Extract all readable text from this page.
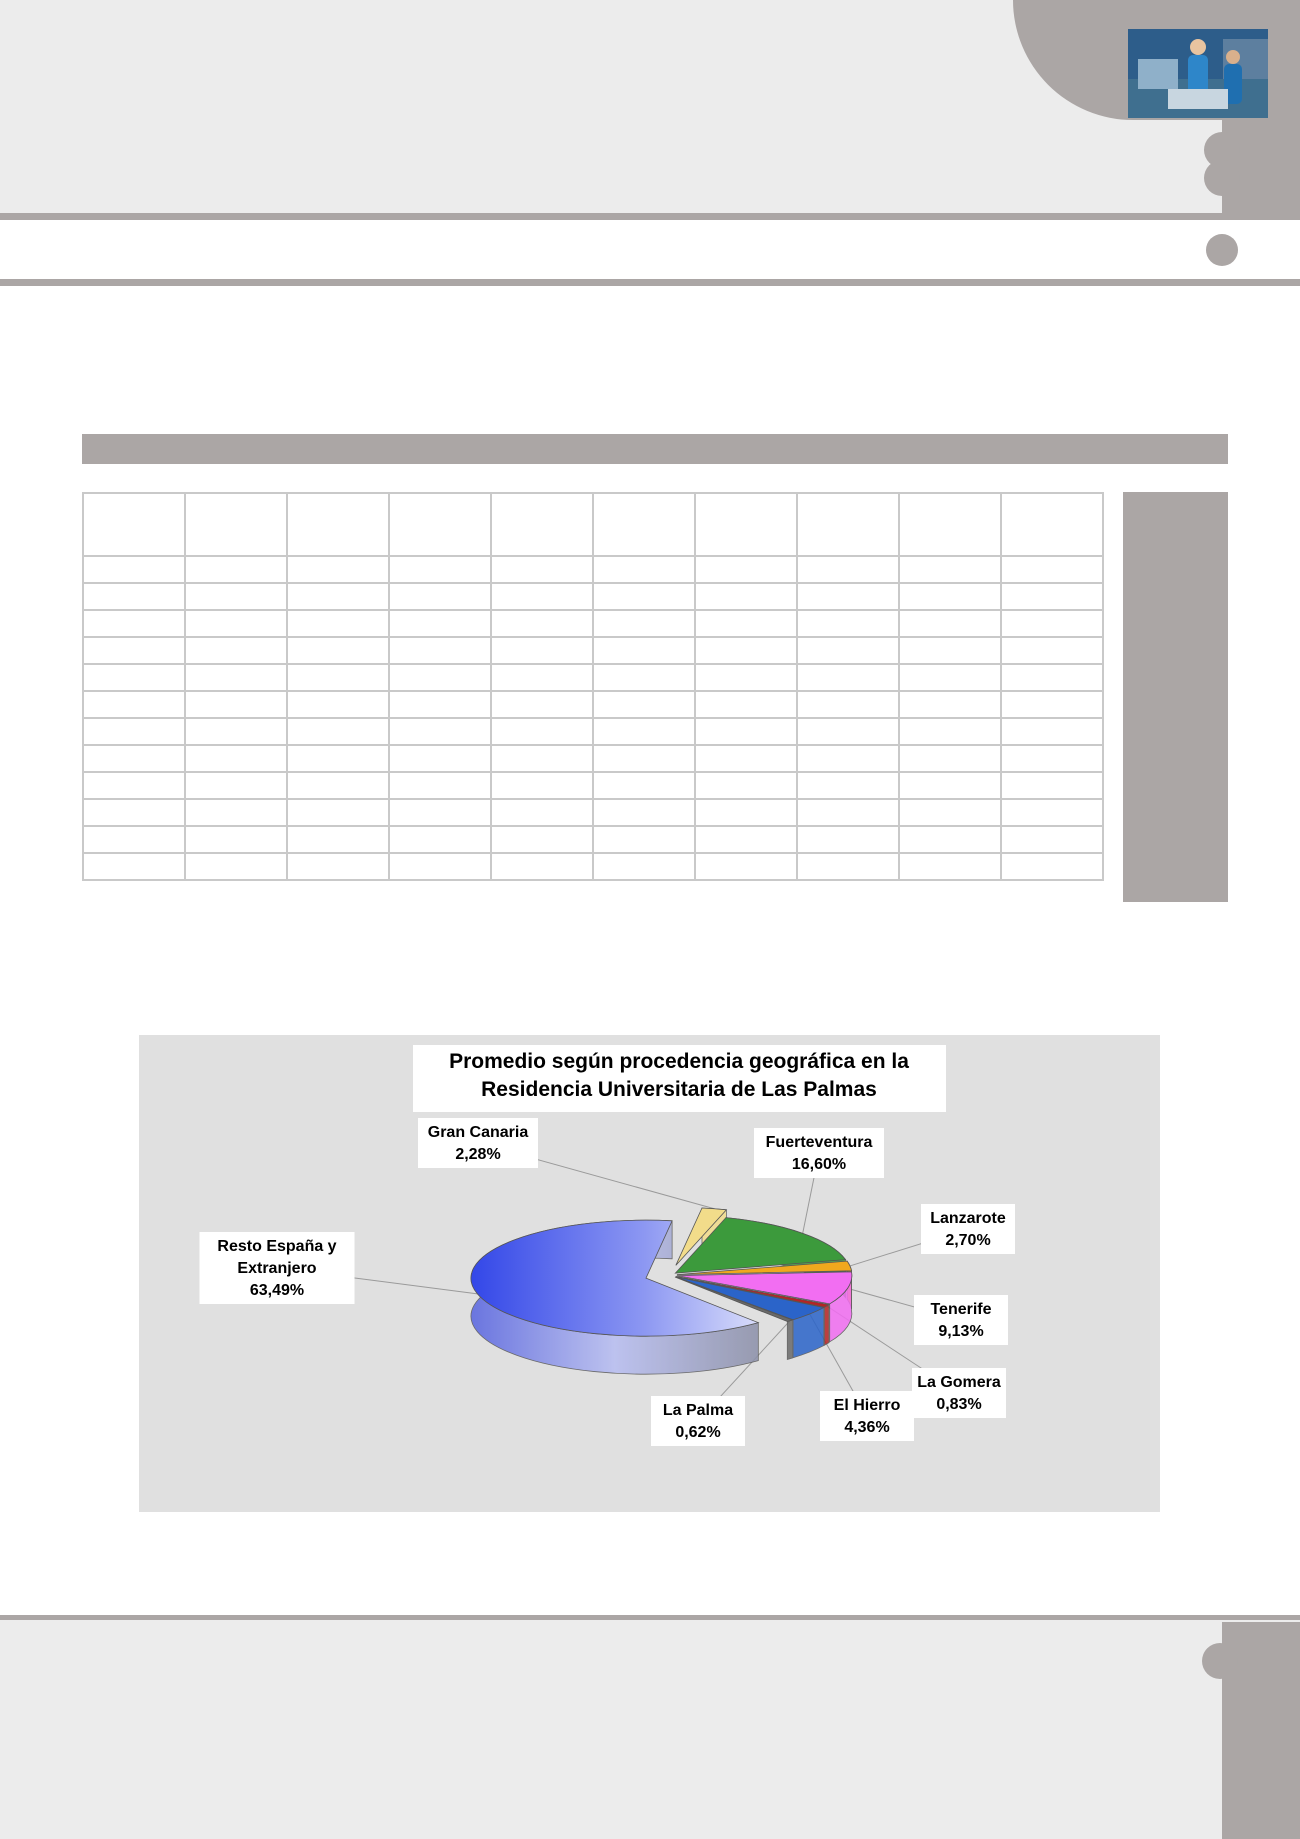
Promedio según procedencia geográfica en la
Residencia Universitaria de Las Palmas
Gran Canaria
2,28%
Fuerteventura
16,60%
Lanzarote
2,70%
Tenerife
9,13%
La Gomera
0,83%
El Hierro
4,36%
La Palma
0,62%
Resto España y
Extranjero
63,49%
